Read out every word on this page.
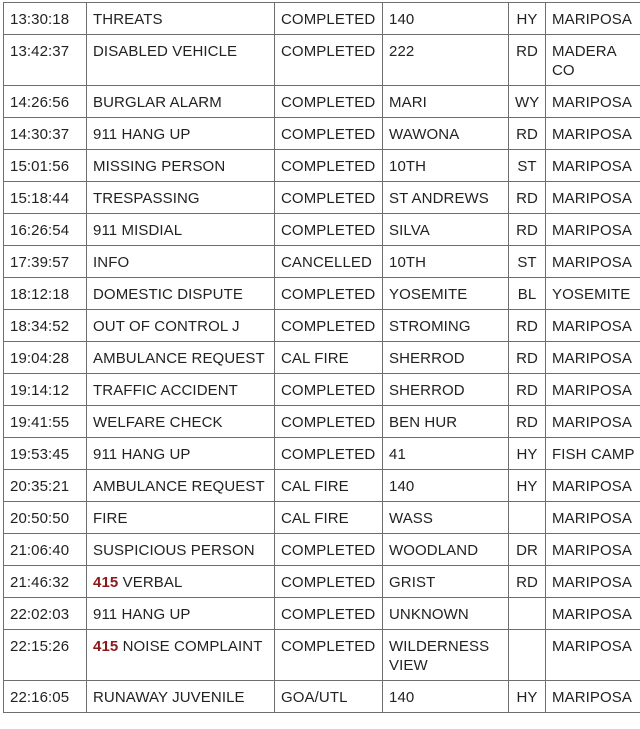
13:30:18	THREATS	COMPLETED	140	HY	MARIPOSA
13:42:37	DISABLED VEHICLE	COMPLETED	222	RD	MADERA CO
14:26:56	BURGLAR ALARM	COMPLETED	MARI	WY	MARIPOSA
14:30:37	911 HANG UP	COMPLETED	WAWONA	RD	MARIPOSA
15:01:56	MISSING PERSON	COMPLETED	10TH	ST	MARIPOSA
15:18:44	TRESPASSING	COMPLETED	ST ANDREWS	RD	MARIPOSA
16:26:54	911 MISDIAL	COMPLETED	SILVA	RD	MARIPOSA
17:39:57	INFO	CANCELLED	10TH	ST	MARIPOSA
18:12:18	DOMESTIC DISPUTE	COMPLETED	YOSEMITE	BL	YOSEMITE
18:34:52	OUT OF CONTROL J	COMPLETED	STROMING	RD	MARIPOSA
19:04:28	AMBULANCE REQUEST	CAL FIRE	SHERROD	RD	MARIPOSA
19:14:12	TRAFFIC ACCIDENT	COMPLETED	SHERROD	RD	MARIPOSA
19:41:55	WELFARE CHECK	COMPLETED	BEN HUR	RD	MARIPOSA
19:53:45	911 HANG UP	COMPLETED	41	HY	FISH CAMP
20:35:21	AMBULANCE REQUEST	CAL FIRE	140	HY	MARIPOSA
20:50:50	FIRE	CAL FIRE	WASS		MARIPOSA
21:06:40	SUSPICIOUS PERSON	COMPLETED	WOODLAND	DR	MARIPOSA
21:46:32	415 VERBAL	COMPLETED	GRIST	RD	MARIPOSA
22:02:03	911 HANG UP	COMPLETED	UNKNOWN		MARIPOSA
22:15:26	415 NOISE COMPLAINT	COMPLETED	WILDERNESS VIEW		MARIPOSA
22:16:05	RUNAWAY JUVENILE	GOA/UTL	140	HY	MARIPOSA
